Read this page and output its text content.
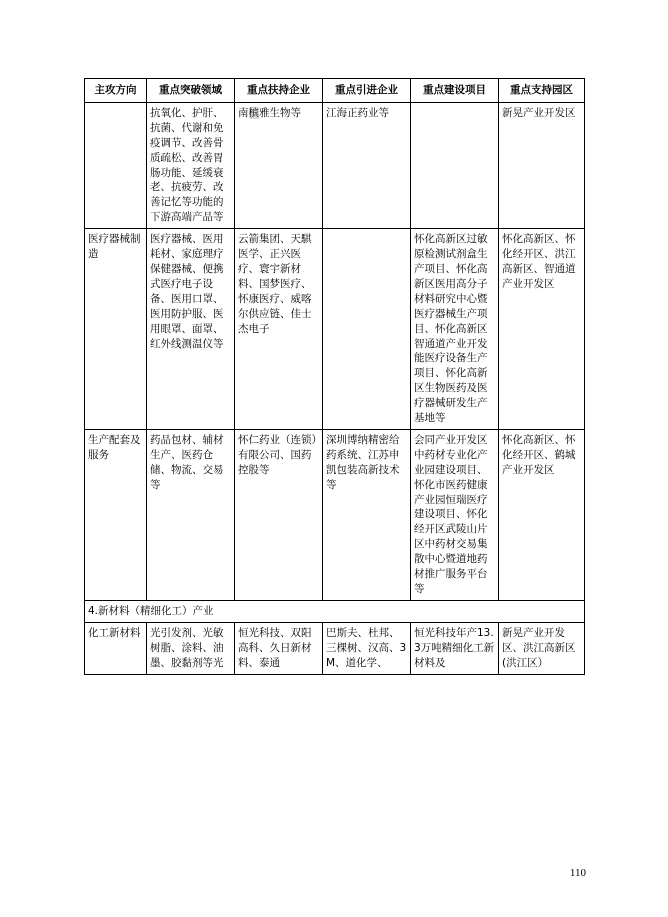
主攻方向	重点突破领域	重点扶持企业	重点引进企业	重点建设项目	重点支持园区
	抗氧化、护肝、抗菌、代谢和免疫调节、改善骨质疏松、改善胃肠功能、延缓衰老、抗疲劳、改善记忆等功能的下游高端产品等	南槟雅生物等	江海正药业等		新晃产业开发区
医疗器械制造	医疗器械、医用耗材、家庭理疗保健器械、便携式医疗电子设备、医用口罩、医用防护服、医用眼罩、面罩、红外线测温仪等	云箭集团、天騏医学、正兴医疗、寰宇新材料、国梦医疗、怀康医疗、威喀尔供应链、佳士杰电子		怀化高新区过敏原检测试剂盒生产项目、怀化高新区医用高分子材料研究中心暨医疗器械生产项目、怀化高新区智通道产业开发能医疗设备生产项目、怀化高新区生物医药及医疗器械研发生产基地等	怀化高新区、怀化经开区、洪江高新区、智通道产业开发区
生产配套及服务	药品包材、辅材生产、医药仓储、物流、交易等	怀仁药业（连锁）有限公司、国药控股等	深圳博纳精密给药系统、江苏申凯包装高新技术等	会同产业开发区中药材专业化产业园建设项目、怀化市医药健康产业园恒瑞医疗建设项目、怀化经开区武陵山片区中药材交易集散中心暨道地药材推广服务平台等	怀化高新区、怀化经开区、鹤城产业开发区
4.新材料（精细化工）产业					
化工新材料	光引发剂、光敏树脂、涂料、油墨、胶黏剂等光	恒光科技、双阳高科、久日新材料、泰通	巴斯夫、杜邦、三棵树、汉高、3M、道化学、	恒光科技年产13.3万吨精细化工新材料及	新晃产业开发区、洪江高新区(洪江区）
110
